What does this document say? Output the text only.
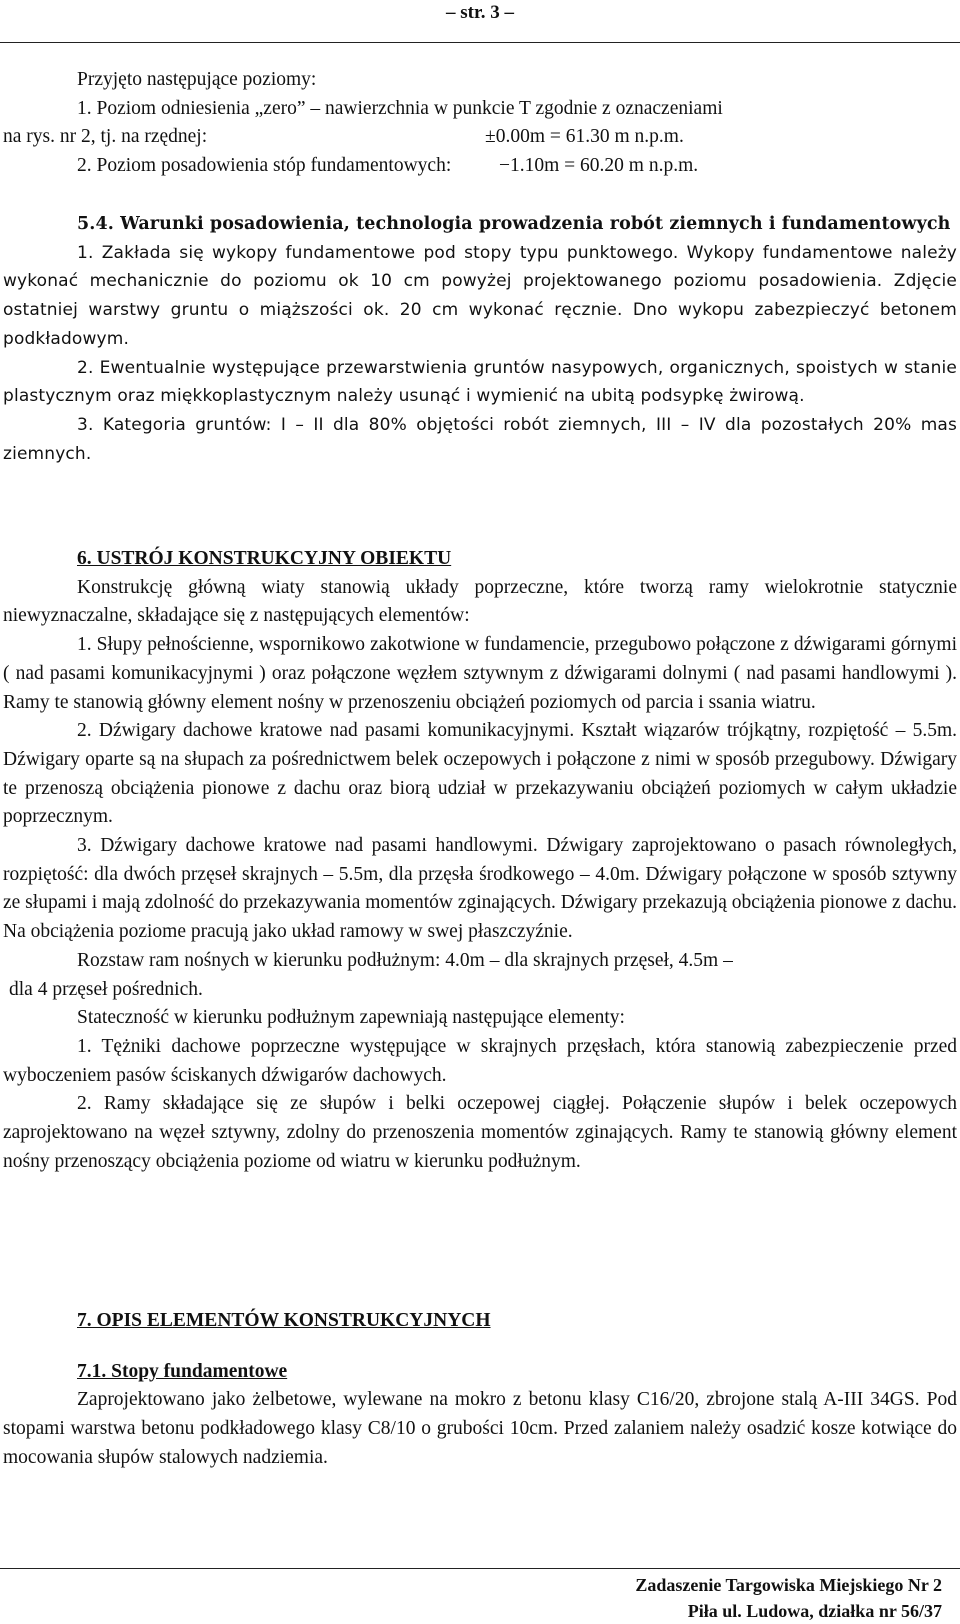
– str. 3 –

Przyjęto następujące poziomy:

1. Poziom odniesienia „zero” – nawierzchnia w punkcie T zgodnie z oznaczeniami

na rys. nr 2, tj. na rzędnej:	±0.00m = 61.30 m n.p.m.
2. Poziom posadowienia stóp fundamentowych:	−1.10m = 60.20 m n.p.m.

5.4. Warunki posadowienia, technologia prowadzenia robót ziemnych i fundamentowych

1. Zakłada się wykopy fundamentowe pod stopy typu punktowego. Wykopy fundamentowe należy wykonać mechanicznie do poziomu ok 10 cm powyżej projektowanego poziomu posadowienia. Zdjęcie ostatniej warstwy gruntu o miąższości ok. 20 cm wykonać ręcznie. Dno wykopu zabezpieczyć betonem podkładowym.

2. Ewentualnie występujące przewarstwienia gruntów nasypowych, organicznych, spoistych w stanie plastycznym oraz miękkoplastycznym należy usunąć i wymienić na ubitą podsypkę żwirową.

3. Kategoria gruntów: I – II dla 80% objętości robót ziemnych, III – IV dla pozostałych 20% mas ziemnych.

6. USTRÓJ KONSTRUKCYJNY OBIEKTU

Konstrukcję główną wiaty stanowią układy poprzeczne, które tworzą ramy wielokrotnie statycznie niewyznaczalne, składające się z następujących elementów:

1. Słupy pełnościenne, wspornikowo zakotwione w fundamencie, przegubowo połączone z dźwigarami górnymi ( nad pasami komunikacyjnymi ) oraz połączone węzłem sztywnym z dźwigarami dolnymi ( nad pasami handlowymi ). Ramy te stanowią główny element nośny w przenoszeniu obciążeń poziomych od parcia i ssania wiatru.

2. Dźwigary dachowe kratowe nad pasami komunikacyjnymi. Kształt wiązarów trójkątny, rozpiętość – 5.5m. Dźwigary oparte są na słupach za pośrednictwem belek oczepowych i połączone z nimi w sposób przegubowy. Dźwigary te przenoszą obciążenia pionowe z dachu oraz biorą udział w przekazywaniu obciążeń poziomych w całym układzie poprzecznym.

3. Dźwigary dachowe kratowe nad pasami handlowymi. Dźwigary zaprojektowano o pasach równoległych, rozpiętość: dla dwóch przęseł skrajnych – 5.5m, dla przęsła środkowego – 4.0m. Dźwigary połączone w sposób sztywny ze słupami i mają zdolność do przekazywania momentów zginających. Dźwigary przekazują obciążenia pionowe z dachu. Na obciążenia poziome pracują jako układ ramowy w swej płaszczyźnie.

Rozstaw ram nośnych w kierunku podłużnym: 4.0m – dla skrajnych przęseł, 4.5m –

dla 4 przęseł pośrednich.

Stateczność w kierunku podłużnym zapewniają następujące elementy:

1. Tężniki dachowe poprzeczne występujące w skrajnych przęsłach, która stanowią zabezpieczenie przed wyboczeniem pasów ściskanych dźwigarów dachowych.

2. Ramy składające się ze słupów i belki oczepowej ciągłej. Połączenie słupów i belek oczepowych zaprojektowano na węzeł sztywny, zdolny do przenoszenia momentów zginających. Ramy te stanowią główny element nośny przenoszący obciążenia poziome od wiatru w kierunku podłużnym.

7. OPIS ELEMENTÓW KONSTRUKCYJNYCH

7.1. Stopy fundamentowe

Zaprojektowano jako żelbetowe, wylewane na mokro z betonu klasy C16/20, zbrojone stalą A-III 34GS. Pod stopami warstwa betonu podkładowego klasy C8/10 o grubości 10cm. Przed zalaniem należy osadzić kosze kotwiące do mocowania słupów stalowych nadziemia.

Zadaszenie Targowiska Miejskiego Nr 2
Piła ul. Ludowa, działka nr 56/37
